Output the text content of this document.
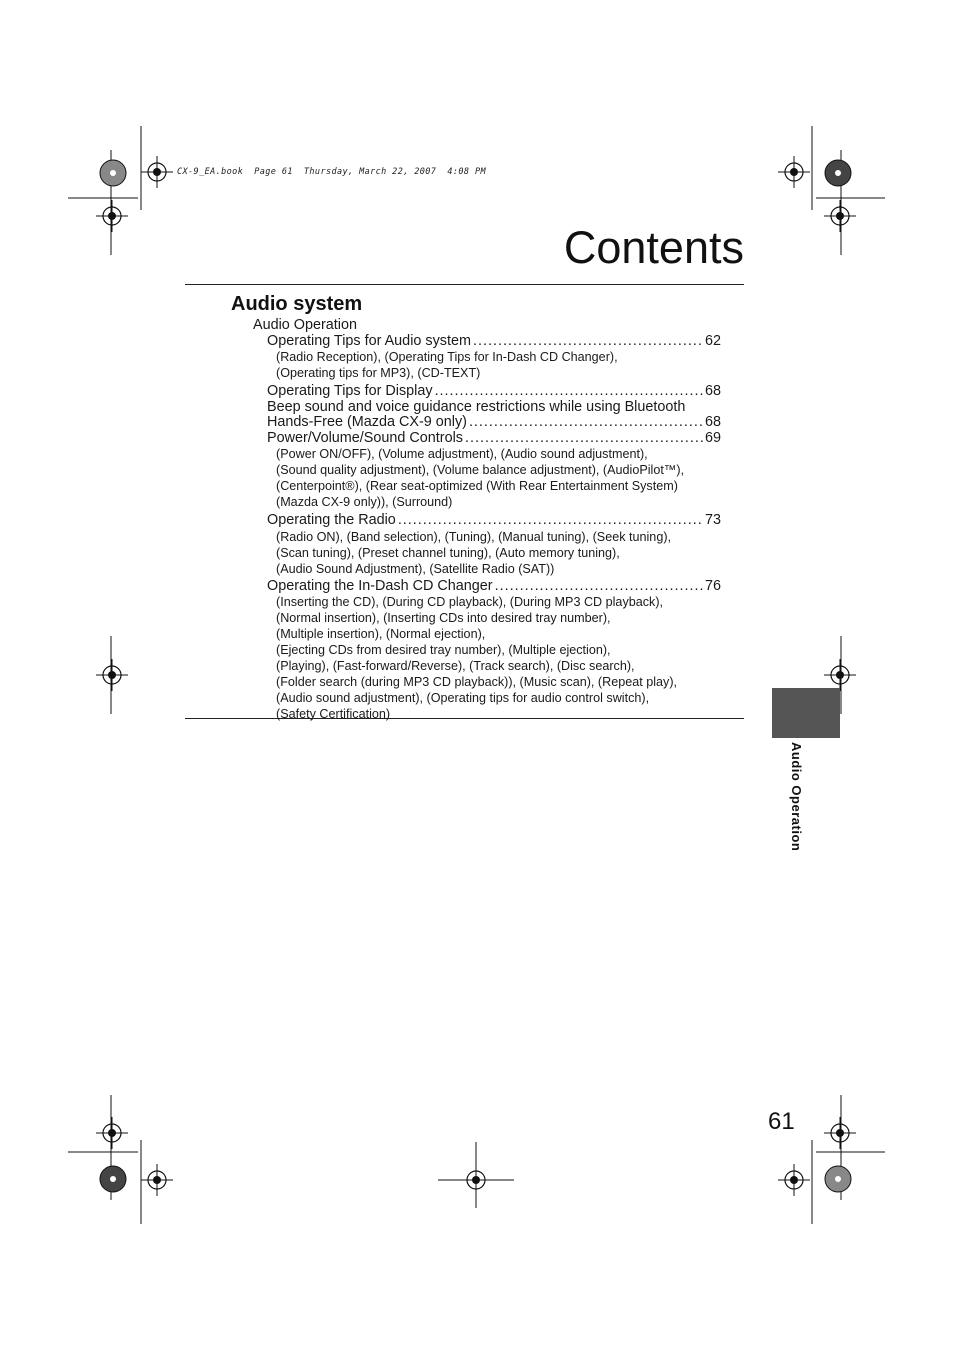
CX-9_EA.book  Page 61  Thursday, March 22, 2007  4:08 PM
Contents
Audio system
Audio Operation
Operating Tips for Audio system .....	62
(Radio Reception), (Operating Tips for In-Dash CD Changer),
(Operating tips for MP3), (CD-TEXT)
Operating Tips for Display .....	68
Beep sound and voice guidance restrictions while using Bluetooth
Hands-Free (Mazda CX-9 only) .....	68
Power/Volume/Sound Controls .....	69
(Power ON/OFF), (Volume adjustment), (Audio sound adjustment),
(Sound quality adjustment), (Volume balance adjustment), (AudioPilot™),
(Centerpoint®), (Rear seat-optimized (With Rear Entertainment System)
(Mazda CX-9 only)), (Surround)
Operating the Radio .....	73
(Radio ON), (Band selection), (Tuning), (Manual tuning), (Seek tuning),
(Scan tuning), (Preset channel tuning), (Auto memory tuning),
(Audio Sound Adjustment), (Satellite Radio (SAT))
Operating the In-Dash CD Changer .....	76
(Inserting the CD), (During CD playback), (During MP3 CD playback),
(Normal insertion), (Inserting CDs into desired tray number),
(Multiple insertion), (Normal ejection),
(Ejecting CDs from desired tray number), (Multiple ejection),
(Playing), (Fast-forward/Reverse), (Track search), (Disc search),
(Folder search (during MP3 CD playback)), (Music scan), (Repeat play),
(Audio sound adjustment), (Operating tips for audio control switch),
(Safety Certification)
Audio Operation
61
